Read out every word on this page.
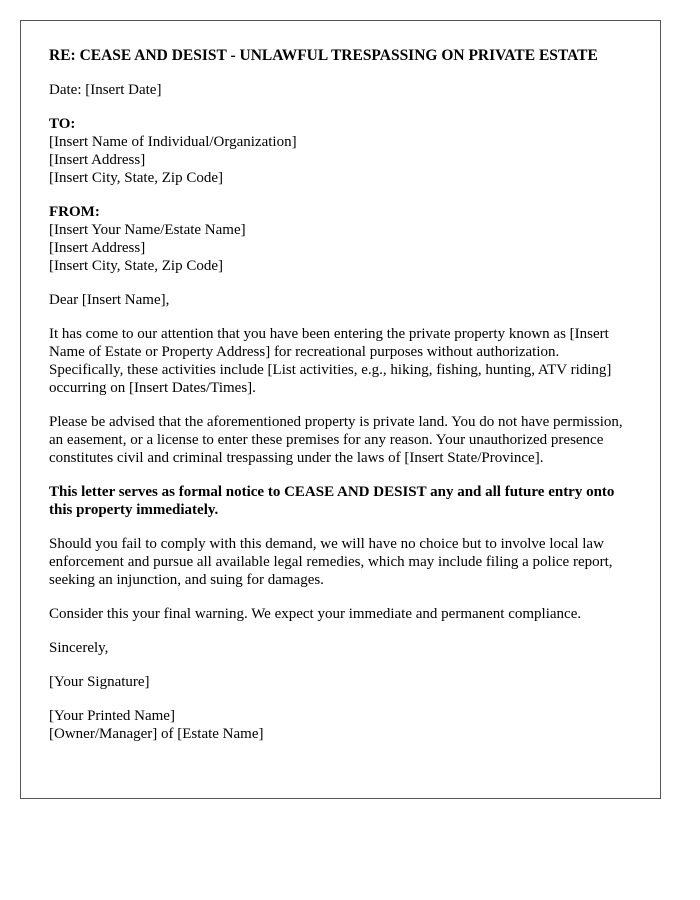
RE: CEASE AND DESIST - UNLAWFUL TRESPASSING ON PRIVATE ESTATE

Date: [Insert Date]

TO:
[Insert Name of Individual/Organization]
[Insert Address]
[Insert City, State, Zip Code]

FROM:
[Insert Your Name/Estate Name]
[Insert Address]
[Insert City, State, Zip Code]

Dear [Insert Name],

It has come to our attention that you have been entering the private property known as [Insert Name of Estate or Property Address] for recreational purposes without authorization. Specifically, these activities include [List activities, e.g., hiking, fishing, hunting, ATV riding] occurring on [Insert Dates/Times].

Please be advised that the aforementioned property is private land. You do not have permission, an easement, or a license to enter these premises for any reason. Your unauthorized presence constitutes civil and criminal trespassing under the laws of [Insert State/Province].

This letter serves as formal notice to CEASE AND DESIST any and all future entry onto this property immediately.

Should you fail to comply with this demand, we will have no choice but to involve local law enforcement and pursue all available legal remedies, which may include filing a police report, seeking an injunction, and suing for damages.

Consider this your final warning. We expect your immediate and permanent compliance.

Sincerely,

[Your Signature]

[Your Printed Name]
[Owner/Manager] of [Estate Name]
